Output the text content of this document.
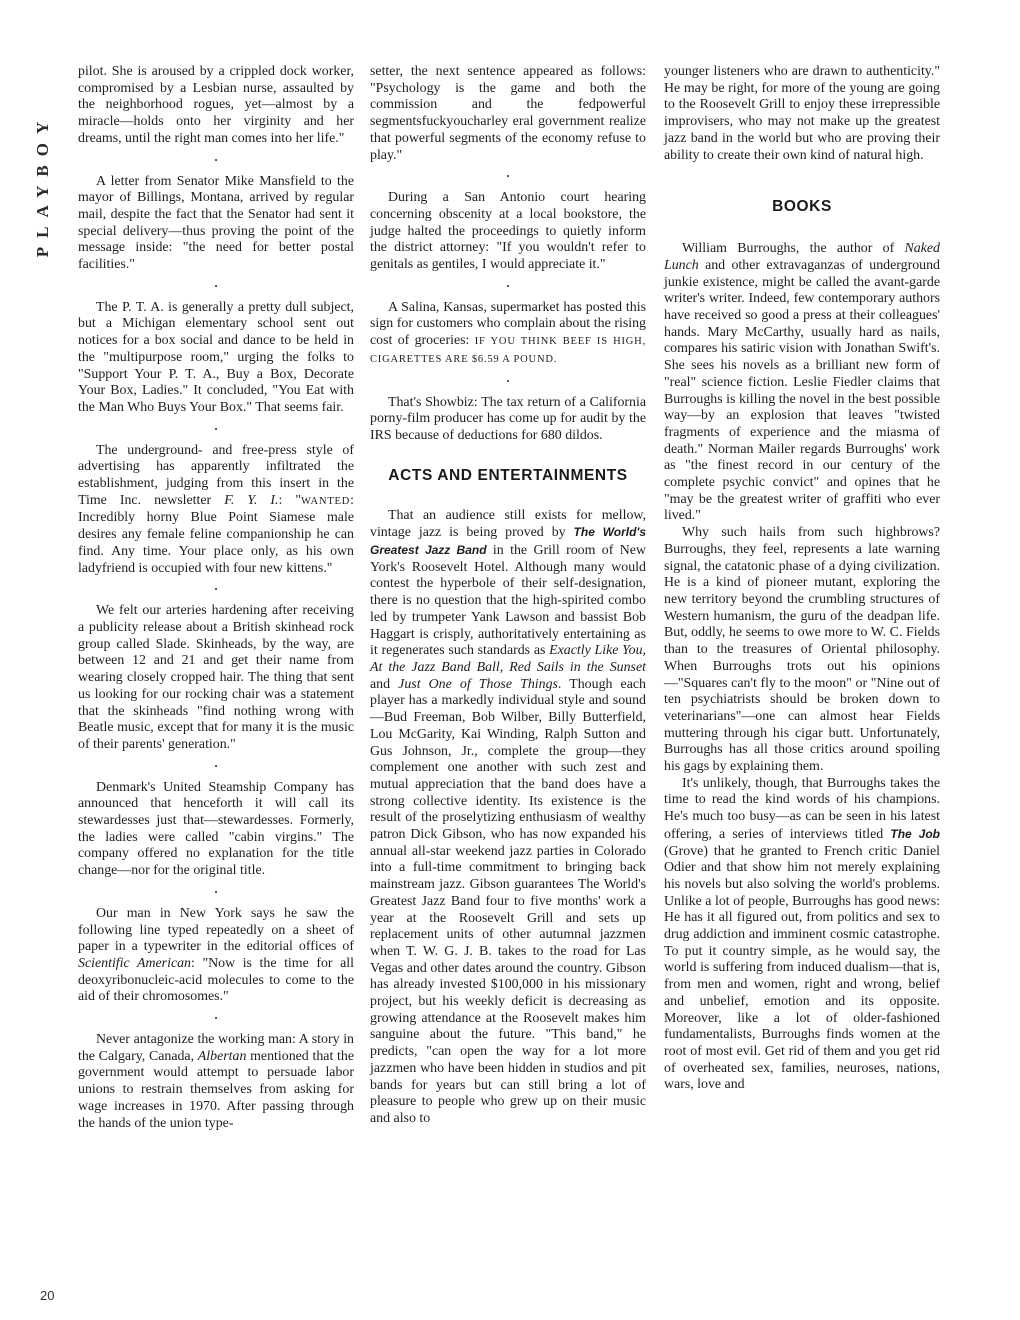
PLAYBOY
20

pilot. She is aroused by a crippled dock worker, compromised by a Lesbian nurse, assaulted by the neighborhood rogues, yet—almost by a miracle—holds onto her virginity and her dreams, until the right man comes into her life."

•

A letter from Senator Mike Mansfield to the mayor of Billings, Montana, arrived by regular mail, despite the fact that the Senator had sent it special delivery—thus proving the point of the message inside: "the need for better postal facilities."

•

The P. T. A. is generally a pretty dull subject, but a Michigan elementary school sent out notices for a box social and dance to be held in the "multipurpose room," urging the folks to "Support Your P. T. A., Buy a Box, Decorate Your Box, Ladies." It concluded, "You Eat with the Man Who Buys Your Box." That seems fair.

•

The underground- and free-press style of advertising has apparently infiltrated the establishment, judging from this insert in the Time Inc. newsletter F. Y. I.: "WANTED: Incredibly horny Blue Point Siamese male desires any female feline companionship he can find. Any time. Your place only, as his own ladyfriend is occupied with four new kittens."

•

We felt our arteries hardening after receiving a publicity release about a British skinhead rock group called Slade. Skinheads, by the way, are between 12 and 21 and get their name from wearing closely cropped hair. The thing that sent us looking for our rocking chair was a statement that the skinheads "find nothing wrong with Beatle music, except that for many it is the music of their parents' generation."

•

Denmark's United Steamship Company has announced that henceforth it will call its stewardesses just that—stewardesses. Formerly, the ladies were called "cabin virgins." The company offered no explanation for the title change—nor for the original title.

•

Our man in New York says he saw the following line typed repeatedly on a sheet of paper in a typewriter in the editorial offices of Scientific American: "Now is the time for all deoxyribonucleic-acid molecules to come to the aid of their chromosomes."

•

Never antagonize the working man: A story in the Calgary, Canada, Albertan mentioned that the government would attempt to persuade labor unions to restrain themselves from asking for wage increases in 1970. After passing through the hands of the union type-

setter, the next sentence appeared as follows: "Psychology is the game and both the commission and the fedpowerful segmentsfuckyoucharley eral government realize that powerful segments of the economy refuse to play."

•

During a San Antonio court hearing concerning obscenity at a local bookstore, the judge halted the proceedings to quietly inform the district attorney: "If you wouldn't refer to genitals as gentiles, I would appreciate it."

•

A Salina, Kansas, supermarket has posted this sign for customers who complain about the rising cost of groceries: IF YOU THINK BEEF IS HIGH, CIGARETTES ARE $6.59 A POUND.

•

That's Showbiz: The tax return of a California porny-film producer has come up for audit by the IRS because of deductions for 680 dildos.

ACTS AND ENTERTAINMENTS

That an audience still exists for mellow, vintage jazz is being proved by The World's Greatest Jazz Band in the Grill room of New York's Roosevelt Hotel. Although many would contest the hyperbole of their self-designation, there is no question that the high-spirited combo led by trumpeter Yank Lawson and bassist Bob Haggart is crisply, authoritatively entertaining as it regenerates such standards as Exactly Like You, At the Jazz Band Ball, Red Sails in the Sunset and Just One of Those Things. Though each player has a markedly individual style and sound—Bud Freeman, Bob Wilber, Billy Butterfield, Lou McGarity, Kai Winding, Ralph Sutton and Gus Johnson, Jr., complete the group—they complement one another with such zest and mutual appreciation that the band does have a strong collective identity. Its existence is the result of the proselytizing enthusiasm of wealthy patron Dick Gibson, who has now expanded his annual all-star weekend jazz parties in Colorado into a full-time commitment to bringing back mainstream jazz. Gibson guarantees The World's Greatest Jazz Band four to five months' work a year at the Roosevelt Grill and sets up replacement units of other autumnal jazzmen when T. W. G. J. B. takes to the road for Las Vegas and other dates around the country. Gibson has already invested $100,000 in his missionary project, but his weekly deficit is decreasing as growing attendance at the Roosevelt makes him sanguine about the future. "This band," he predicts, "can open the way for a lot more jazzmen who have been hidden in studios and pit bands for years but can still bring a lot of pleasure to people who grew up on their music and also to

younger listeners who are drawn to authenticity." He may be right, for more of the young are going to the Roosevelt Grill to enjoy these irrepressible improvisers, who may not make up the greatest jazz band in the world but who are proving their ability to create their own kind of natural high.

BOOKS

William Burroughs, the author of Naked Lunch and other extravaganzas of underground junkie existence, might be called the avant-garde writer's writer. Indeed, few contemporary authors have received so good a press at their colleagues' hands. Mary McCarthy, usually hard as nails, compares his satiric vision with Jonathan Swift's. She sees his novels as a brilliant new form of "real" science fiction. Leslie Fiedler claims that Burroughs is killing the novel in the best possible way—by an explosion that leaves "twisted fragments of experience and the miasma of death." Norman Mailer regards Burroughs' work as "the finest record in our century of the complete psychic convict" and opines that he "may be the greatest writer of graffiti who ever lived."

Why such hails from such highbrows? Burroughs, they feel, represents a late warning signal, the catatonic phase of a dying civilization. He is a kind of pioneer mutant, exploring the new territory beyond the crumbling structures of Western humanism, the guru of the deadpan life. But, oddly, he seems to owe more to W. C. Fields than to the treasures of Oriental philosophy. When Burroughs trots out his opinions—"Squares can't fly to the moon" or "Nine out of ten psychiatrists should be broken down to veterinarians"—one can almost hear Fields muttering through his cigar butt. Unfortunately, Burroughs has all those critics around spoiling his gags by explaining them.

It's unlikely, though, that Burroughs takes the time to read the kind words of his champions. He's much too busy—as can be seen in his latest offering, a series of interviews titled The Job (Grove) that he granted to French critic Daniel Odier and that show him not merely explaining his novels but also solving the world's problems. Unlike a lot of people, Burroughs has good news: He has it all figured out, from politics and sex to drug addiction and imminent cosmic catastrophe. To put it country simple, as he would say, the world is suffering from induced dualism—that is, from men and women, right and wrong, belief and unbelief, emotion and its opposite. Moreover, like a lot of older-fashioned fundamentalists, Burroughs finds women at the root of most evil. Get rid of them and you get rid of overheated sex, families, neuroses, nations, wars, love and
